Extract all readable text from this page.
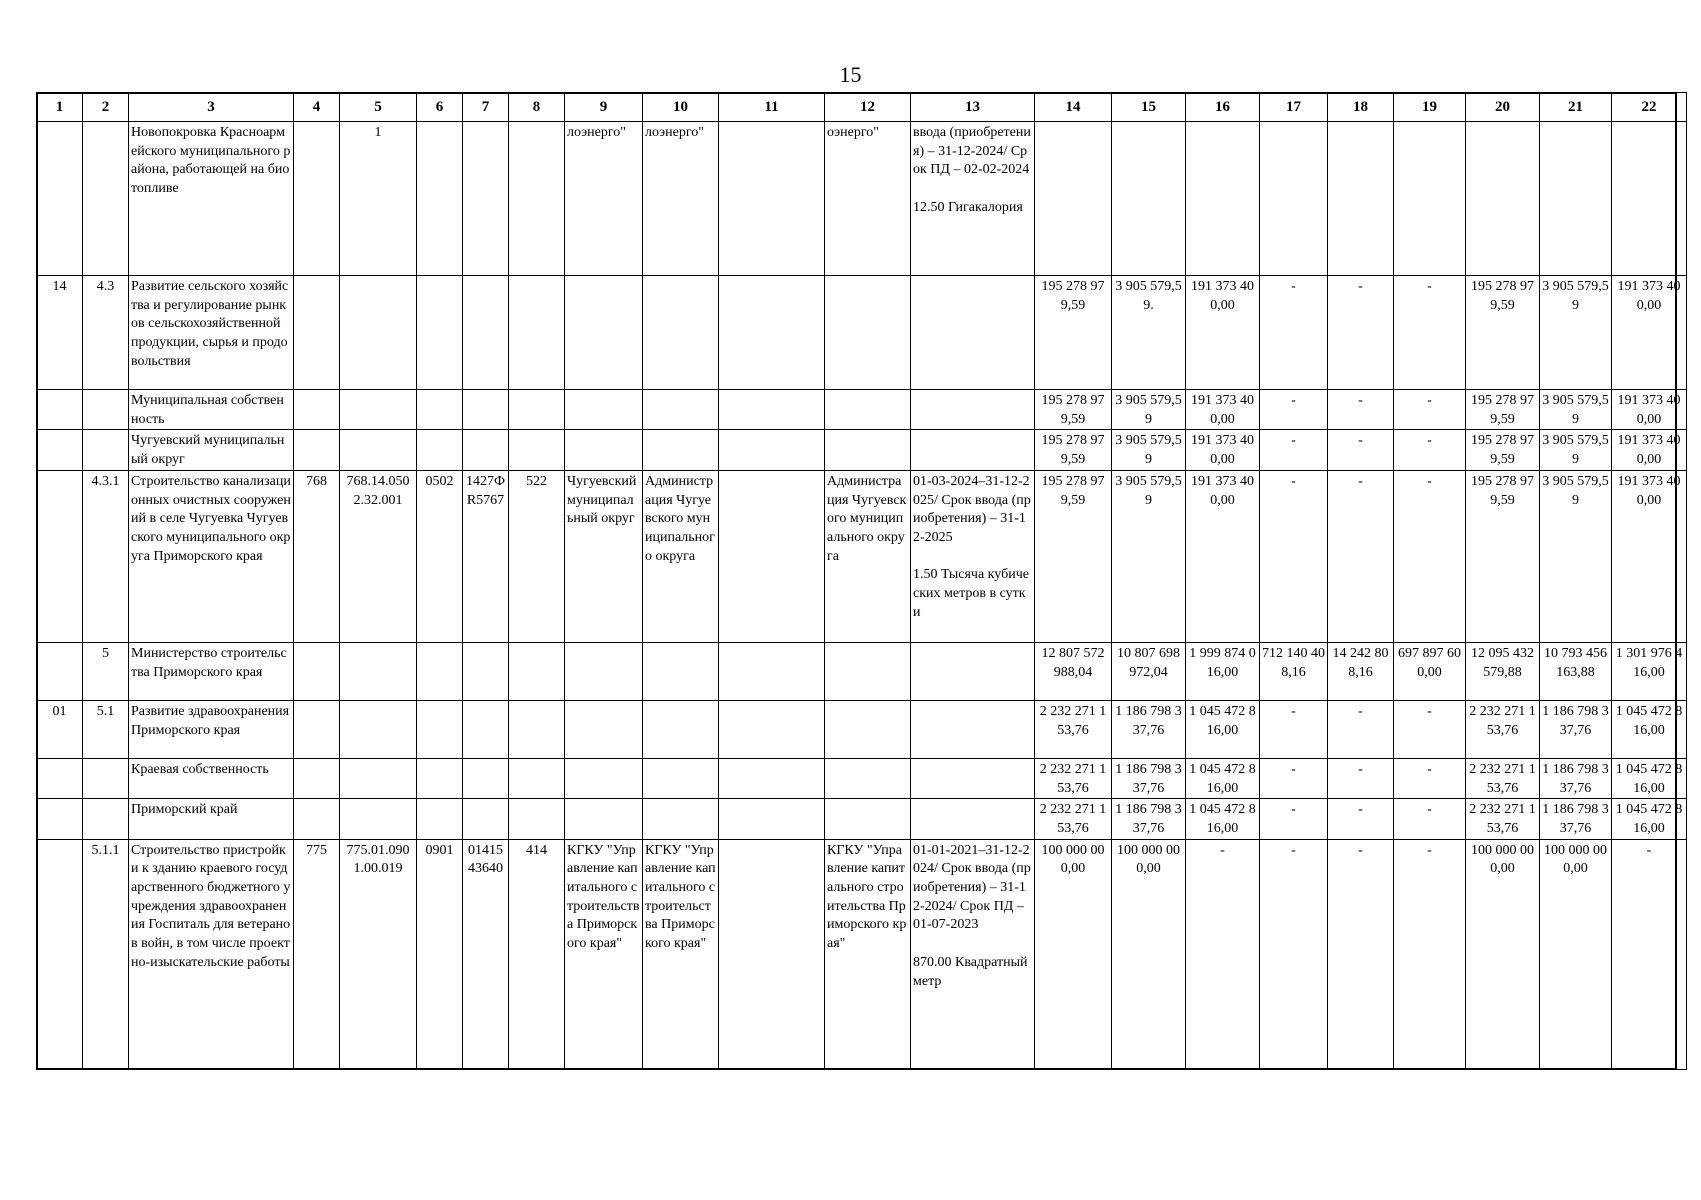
15
1	2	3	4	5	6	7	8	9	10	11	12	13	14	15	16	17	18	19	20	21	22
		Новопокровка Красноармейского муниципального района, работающей на биотопливе		1				лоэнерго"	лоэнерго"		оэнерго"	ввода (приобретения) – 31-12-2024/ Срок ПД – 02-02-2024

12.50 Гигакалория									
14	4.3	Развитие сельского хозяйства и регулирование рынков сельскохозяйственной продукции, сырья и продовольствия											195 278 979,59	3 905 579,59.	191 373 400,00	-	-	-	195 278 979,59	3 905 579,59	191 373 400,00
		Муниципальная собственность											195 278 979,59	3 905 579,59	191 373 400,00	-	-	-	195 278 979,59	3 905 579,59	191 373 400,00
		Чугуевский муниципальный округ											195 278 979,59	3 905 579,59	191 373 400,00	-	-	-	195 278 979,59	3 905 579,59	191 373 400,00
	4.3.1	Строительство канализационных очистных сооружений в селе Чугуевка Чугуевского муниципального округа Приморского края	768	768.14.0502.32.001	0502	1427ФR5767	522	Чугуевский муниципальный округ	Администрация Чугуевского муниципального округа		Администрация Чугуевского муниципального округа	01-03-2024–31-12-2025/ Срок ввода (приобретения) – 31-12-2025

1.50 Тысяча кубических метров в сутки	195 278 979,59	3 905 579,59	191 373 400,00	-	-	-	195 278 979,59	3 905 579,59	191 373 400,00
	5	Министерство строительства Приморского края											12 807 572 988,04	10 807 698 972,04	1 999 874 016,00	712 140 408,16	14 242 808,16	697 897 600,00	12 095 432 579,88	10 793 456 163,88	1 301 976 416,00
01	5.1	Развитие здравоохранения Приморского края											2 232 271 153,76	1 186 798 337,76	1 045 472 816,00	-	-	-	2 232 271 153,76	1 186 798 337,76	1 045 472 816,00
		Краевая собственность											2 232 271 153,76	1 186 798 337,76	1 045 472 816,00	-	-	-	2 232 271 153,76	1 186 798 337,76	1 045 472 816,00
		Приморский край											2 232 271 153,76	1 186 798 337,76	1 045 472 816,00	-	-	-	2 232 271 153,76	1 186 798 337,76	1 045 472 816,00
	5.1.1	Строительство пристройки к зданию краевого государственного бюджетного учреждения здравоохранения Госпиталь для ветеранов войн, в том числе проектно-изыскательские работы	775	775.01.0901.00.019	0901	0141543640	414	КГКУ "Управление капитального строительства Приморского края"	КГКУ "Управление капитального строительства Приморского края"		КГКУ "Управление капитального строительства Приморского края"	01-01-2021–31-12-2024/ Срок ввода (приобретения) – 31-12-2024/ Срок ПД – 01-07-2023

870.00 Квадратный метр	100 000 000,00	100 000 000,00	-	-	-	-	100 000 000,00	100 000 000,00	-
